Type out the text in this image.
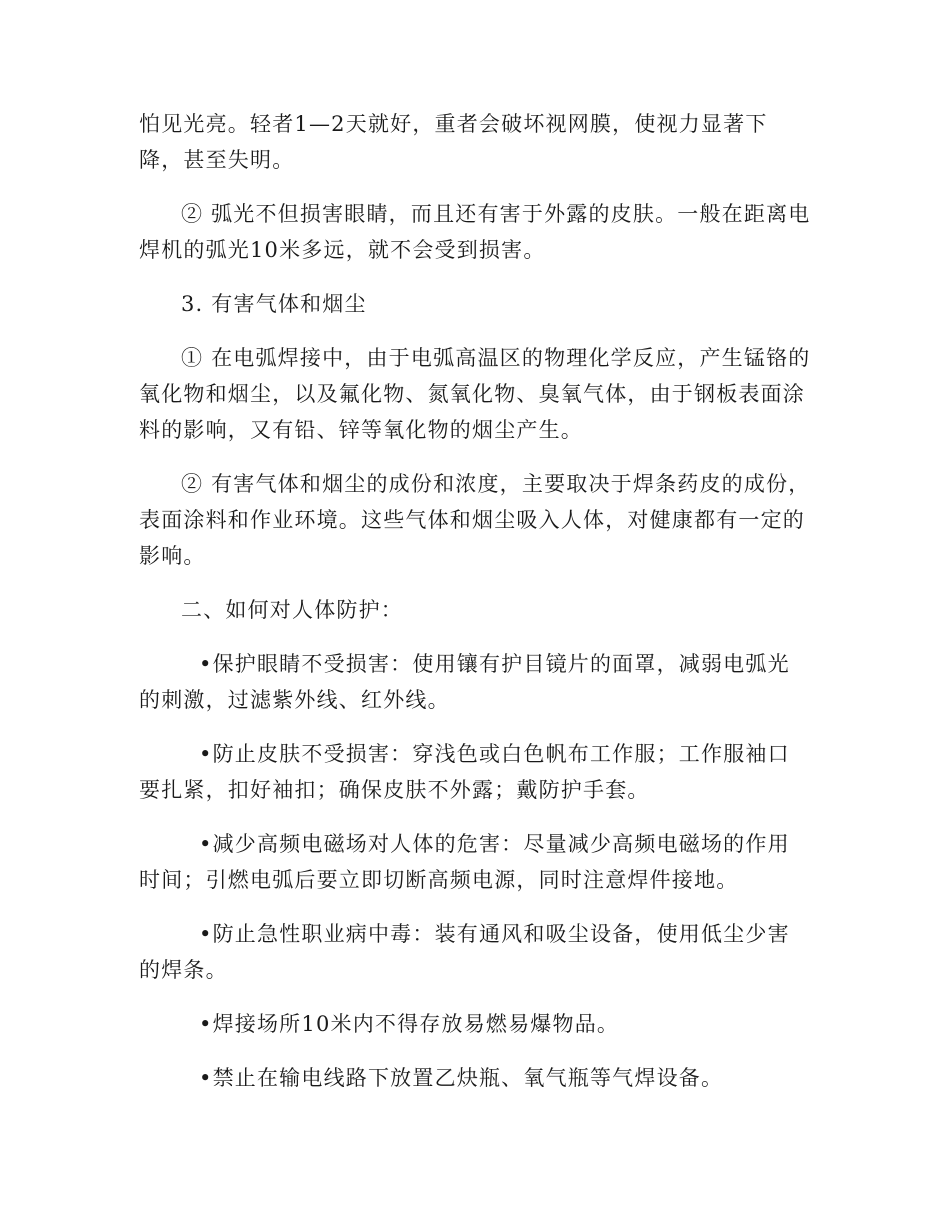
怕见光亮。轻者1—2天就好，重者会破坏视网膜，使视力显著下降，甚至失明。

② 弧光不但损害眼睛，而且还有害于外露的皮肤。一般在距离电焊机的弧光10米多远，就不会受到损害。

3. 有害气体和烟尘

① 在电弧焊接中，由于电弧高温区的物理化学反应，产生锰铬的氧化物和烟尘，以及氟化物、氮氧化物、臭氧气体，由于钢板表面涂料的影响，又有铅、锌等氧化物的烟尘产生。

② 有害气体和烟尘的成份和浓度，主要取决于焊条药皮的成份，表面涂料和作业环境。这些气体和烟尘吸入人体，对健康都有一定的影响。

二、如何对人体防护：

•保护眼睛不受损害：使用镶有护目镜片的面罩，减弱电弧光的刺激，过滤紫外线、红外线。

•防止皮肤不受损害：穿浅色或白色帆布工作服；工作服袖口要扎紧，扣好袖扣；确保皮肤不外露；戴防护手套。

•减少高频电磁场对人体的危害：尽量减少高频电磁场的作用时间；引燃电弧后要立即切断高频电源，同时注意焊件接地。

•防止急性职业病中毒：装有通风和吸尘设备，使用低尘少害的焊条。

•焊接场所10米内不得存放易燃易爆物品。

•禁止在输电线路下放置乙炔瓶、氧气瓶等气焊设备。
